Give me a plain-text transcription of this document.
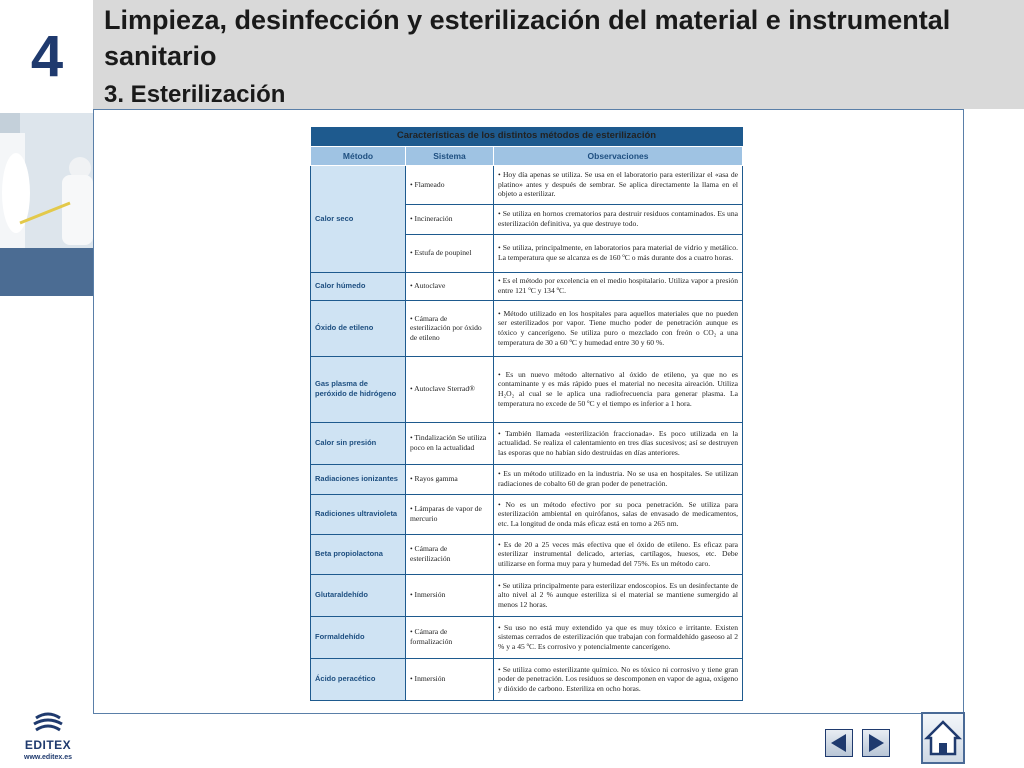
4
Limpieza, desinfección y esterilización del material e instrumental sanitario
3. Esterilización
Características de los distintos métodos de esterilización		
Método	Sistema	Observaciones
Calor seco	• Flameado	• Hoy día apenas se utiliza. Se usa en el laboratorio para esterilizar el «asa de platino» antes y después de sembrar. Se aplica directamente la llama en el objeto a esterilizar.
	• Incineración	• Se utiliza en hornos crematorios para destruir residuos contaminados. Es una esterilización definitiva, ya que destruye todo.
	• Estufa de poupinel	• Se utiliza, principalmente, en laboratorios para material de vidrio y metálico. La temperatura que se alcanza es de 160 ºC o más durante dos a cuatro horas.
Calor húmedo	• Autoclave	• Es el método por excelencia en el medio hospitalario. Utiliza vapor a presión entre 121 ºC y 134 ºC.
Óxido de etileno	• Cámara de esterilización por óxido de etileno	• Método utilizado en los hospitales para aquellos materiales que no pueden ser esterilizados por vapor. Tiene mucho poder de penetración aunque es tóxico y cancerígeno. Se utiliza puro o mezclado con freón o CO₂ a una temperatura de 30 a 60 ºC y humedad entre 30 y 60 %.
Gas plasma de peróxido de hidrógeno	• Autoclave Sterrad®	• Es un nuevo método alternativo al óxido de etileno, ya que no es contaminante y es más rápido pues el material no necesita aireación. Utiliza H₂O₂ al cual se le aplica una radiofrecuencia para generar plasma. La temperatura no excede de 50 ºC y el tiempo es inferior a 1 hora.
Calor sin presión	• Tindalización Se utiliza poco en la actualidad	• También llamada «esterilización fraccionada». Es poco utilizada en la actualidad. Se realiza el calentamiento en tres días sucesivos; así se destruyen las esporas que no habían sido destruidas en días anteriores.
Radiaciones ionizantes	• Rayos gamma	• Es un método utilizado en la industria. No se usa en hospitales. Se utilizan radiaciones de cobalto 60 de gran poder de penetración.
Radiciones ultravioleta	• Lámparas de vapor de mercurio	• No es un método efectivo por su poca penetración. Se utiliza para esterilización ambiental en quirófanos, salas de envasado de medicamentos, etc. La longitud de onda más eficaz está en torno a 265 nm.
Beta propiolactona	• Cámara de esterilización	• Es de 20 a 25 veces más efectiva que el óxido de etileno. Es eficaz para esterilizar instrumental delicado, arterias, cartílagos, huesos, etc. Debe utilizarse en forma muy para y humedad del 75%. Es un método caro.
Glutaraldehído	• Inmersión	• Se utiliza principalmente para esterilizar endoscopios. Es un desinfectante de alto nivel al 2 % aunque esteriliza si el material se mantiene sumergido al menos 12 horas.
Formaldehído	• Cámara de formalización	• Su uso no está muy extendido ya que es muy tóxico e irritante. Existen sistemas cerrados de esterilización que trabajan con formaldehído gaseoso al 2 % y a 45 ºC. Es corrosivo y potencialmente cancerígeno.
Ácido peracético	• Inmersión	• Se utiliza como esterilizante químico. No es tóxico ni corrosivo y tiene gran poder de penetración. Los residuos se descomponen en vapor de agua, oxígeno y dióxido de carbono. Esteriliza en ocho horas.
EDITEX
www.editex.es
